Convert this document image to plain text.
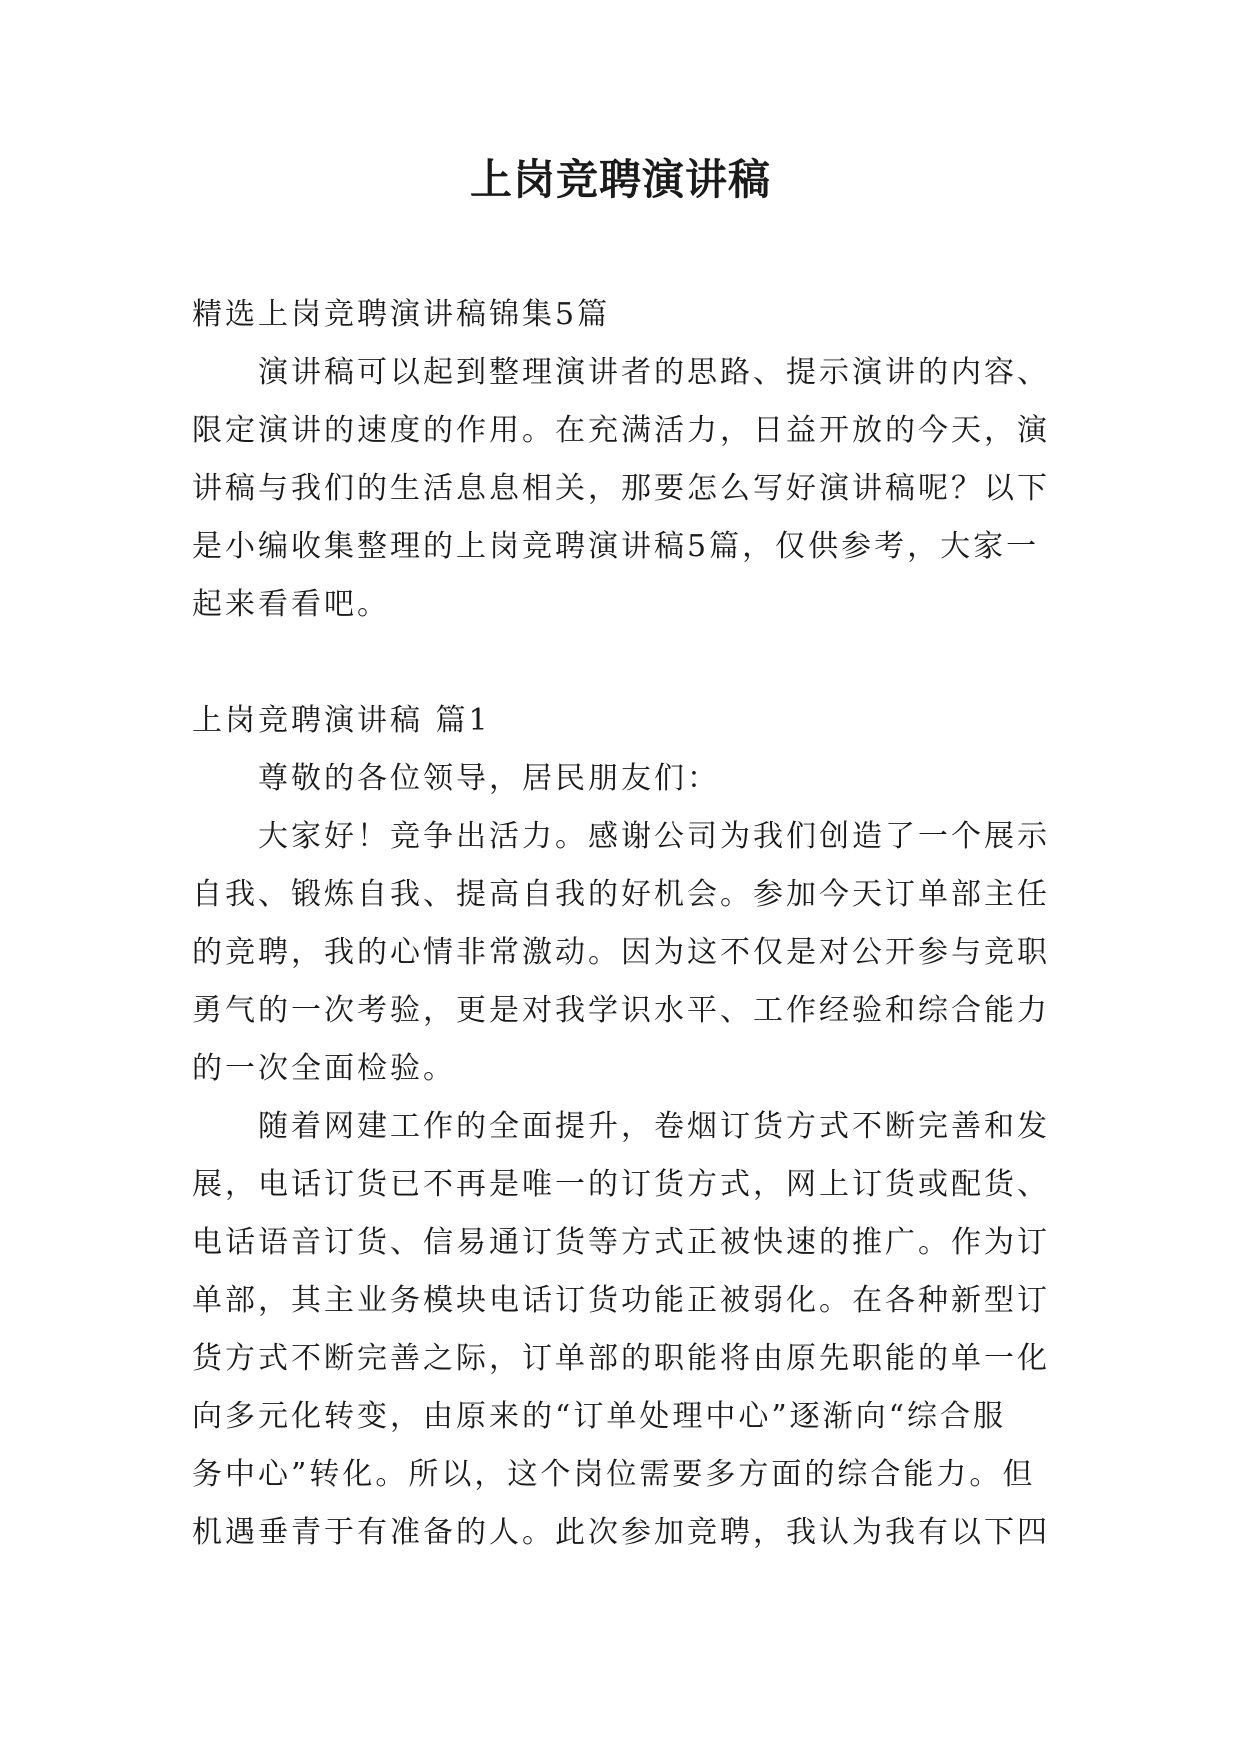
上岗竞聘演讲稿
精选上岗竞聘演讲稿锦集5篇
演讲稿可以起到整理演讲者的思路、提示演讲的内容、
限定演讲的速度的作用。在充满活力，日益开放的今天，演
讲稿与我们的生活息息相关，那要怎么写好演讲稿呢？以下
是小编收集整理的上岗竞聘演讲稿5篇，仅供参考，大家一
起来看看吧。
上岗竞聘演讲稿 篇1
尊敬的各位领导，居民朋友们：
大家好！竞争出活力。感谢公司为我们创造了一个展示
自我、锻炼自我、提高自我的好机会。参加今天订单部主任
的竞聘，我的心情非常激动。因为这不仅是对公开参与竞职
勇气的一次考验，更是对我学识水平、工作经验和综合能力
的一次全面检验。
随着网建工作的全面提升，卷烟订货方式不断完善和发
展，电话订货已不再是唯一的订货方式，网上订货或配货、
电话语音订货、信易通订货等方式正被快速的推广。作为订
单部，其主业务模块电话订货功能正被弱化。在各种新型订
货方式不断完善之际，订单部的职能将由原先职能的单一化
向多元化转变，由原来的“订单处理中心”逐渐向“综合服
务中心”转化。所以，这个岗位需要多方面的综合能力。但
机遇垂青于有准备的人。此次参加竞聘，我认为我有以下四
